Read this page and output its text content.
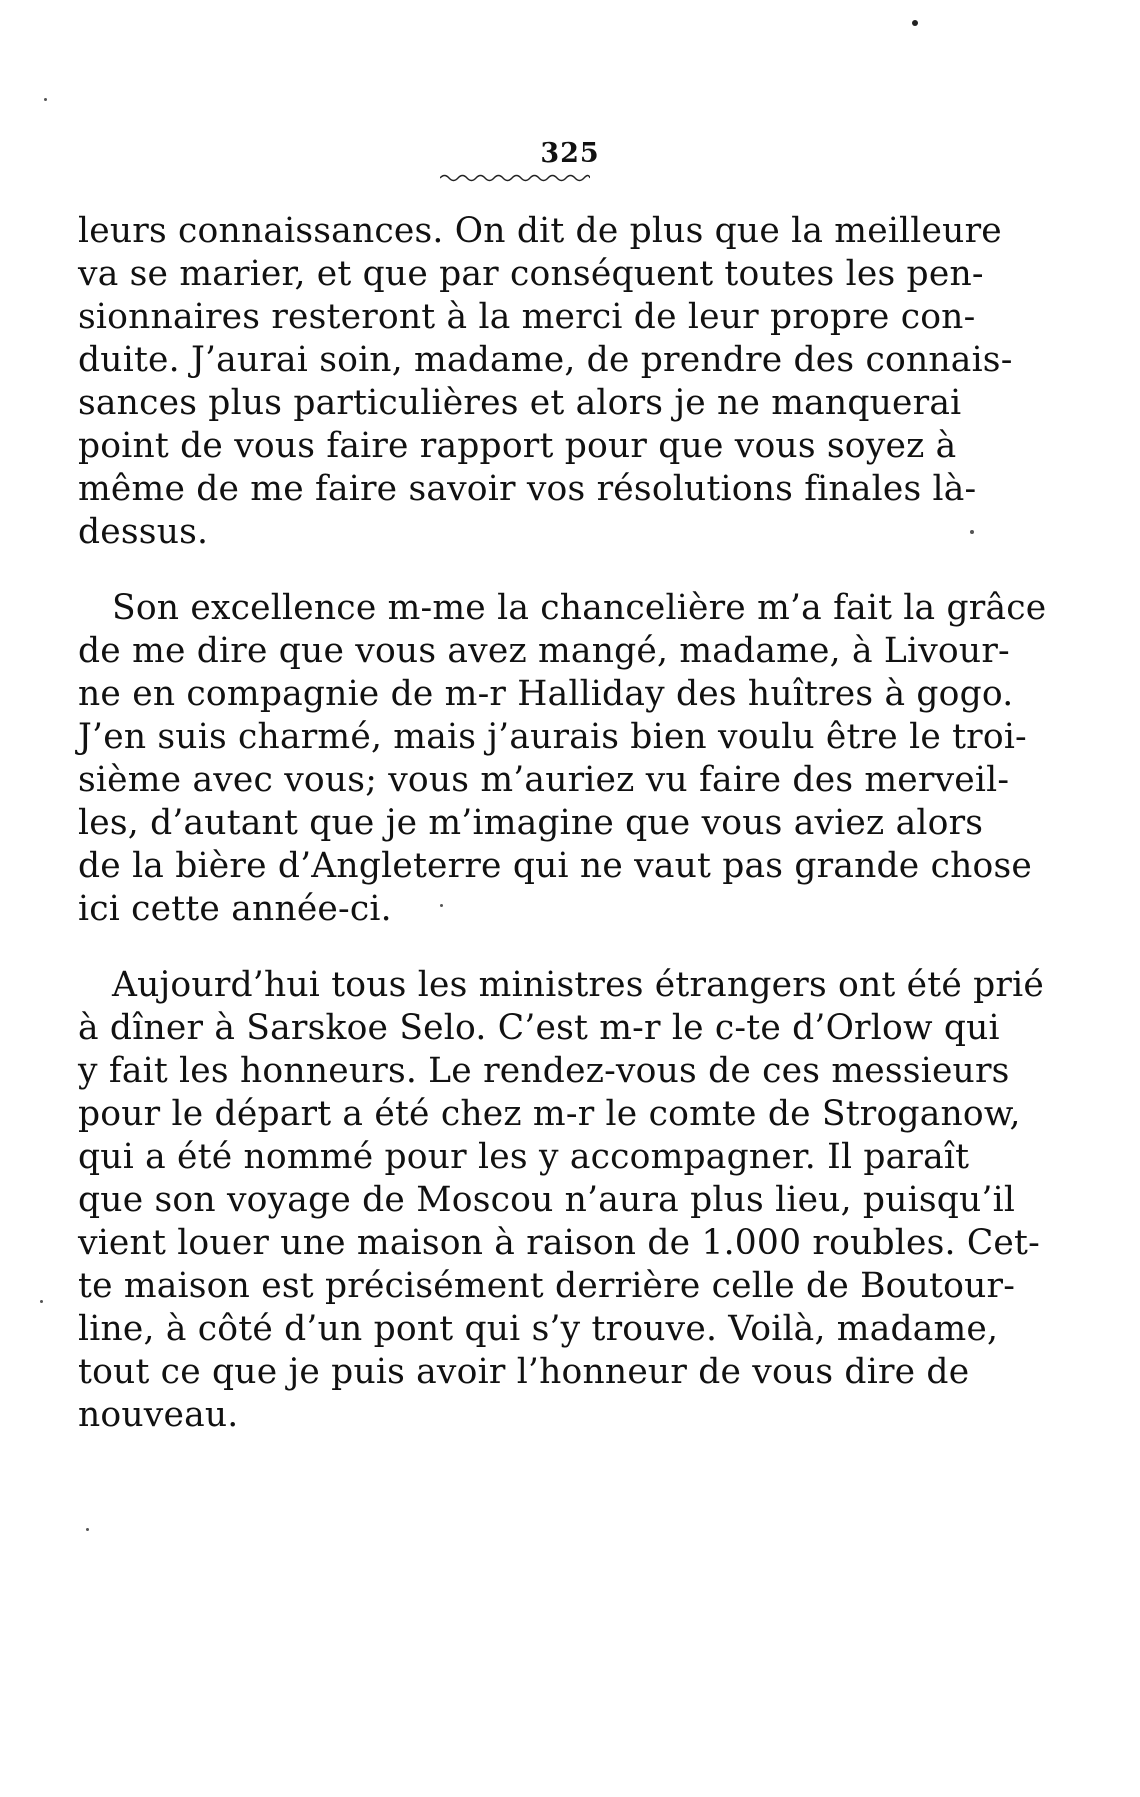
325
leurs connaissances. On dit de plus que la meilleure
va se marier, et que par conséquent toutes les pen-
sionnaires resteront à la merci de leur propre con-
duite. J’aurai soin, madame, de prendre des connais-
sances plus particulières et alors je ne manquerai
point de vous faire rapport pour que vous soyez à
même de me faire savoir vos résolutions finales là-
dessus.
Son excellence m-me la chancelière m’a fait la grâce
de me dire que vous avez mangé, madame, à Livour-
ne en compagnie de m-r Halliday des huîtres à gogo.
J’en suis charmé, mais j’aurais bien voulu être le troi-
sième avec vous; vous m’auriez vu faire des merveil-
les, d’autant que je m’imagine que vous aviez alors
de la bière d’Angleterre qui ne vaut pas grande chose
ici cette année-ci.
Aujourd’hui tous les ministres étrangers ont été prié
à dîner à Sarskoe Selo. C’est m-r le c-te d’Orlow qui
y fait les honneurs. Le rendez-vous de ces messieurs
pour le départ a été chez m-r le comte de Stroganow,
qui a été nommé pour les y accompagner. Il paraît
que son voyage de Moscou n’aura plus lieu, puisqu’il
vient louer une maison à raison de 1.000 roubles. Cet-
te maison est précisément derrière celle de Boutour-
line, à côté d’un pont qui s’y trouve. Voilà, madame,
tout ce que je puis avoir l’honneur de vous dire de
nouveau.
